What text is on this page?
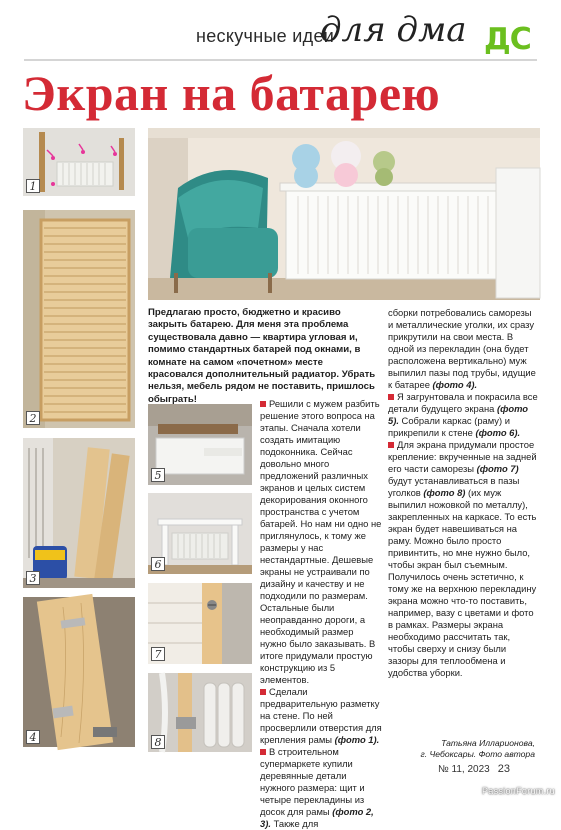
нескучные идеи
для дма ДС
Экран на батарею
1
2
3
4
5
6
7
8

Предлагаю просто, бюджетно и красиво закрыть батарею. Для меня эта проблема существовала давно — квартира угловая и, помимо стандартных батарей под окнами, в комнате на самом «почетном» месте красовался дополнительный радиатор. Убрать нельзя, мебель рядом не поставить, пришлось обыграть!	Решили с мужем разбить решение этого вопроса на этапы. Сначала хотели создать имитацию подоконника. Сейчас довольно много предложений различных экранов и целых систем декорирования оконного пространства с учетом батарей. Но нам ни одно не приглянулось, к тому же размеры у нас нестандартные. Дешевые экраны не устраивали по дизайну и качеству и не подходили по размерам. Остальные были неоправданно дороги, а необходимый размер нужно было заказывать. В итоге придумали простую конструкцию из 5 элементов.

Сделали предварительную разметку на стене. По ней просверлили отверстия для крепления рамы (фото 1).

В строительном супермаркете купили деревянные детали нужного размера: щит и четыре перекладины из досок для рамы (фото 2, 3). Также для

сборки потребовались саморезы и металлические уголки, их сразу прикрутили на свои места. В одной из перекладин (она будет расположена вертикально) муж выпилил пазы под трубы, идущие к батарее (фото 4).

Я загрунтовала и покрасила все детали будущего экрана (фото 5). Собрали каркас (раму) и прикрепили к стене (фото 6).

Для экрана придумали простое крепление: вкрученные на задней его части саморезы (фото 7) будут устанавливаться в пазы уголков (фото 8) (их муж выпилил ножовкой по металлу), закрепленных на каркасе. То есть экран будет навешиваться на раму. Можно было просто привинтить, но мне нужно было, чтобы экран был съемным. Получилось очень эстетично, к тому же на верхнюю перекладину экрана можно что-то поставить, например, вазу с цветами и фото в рамках. Размеры экрана необходимо рассчитать так, чтобы сверху и снизу были зазоры для теплообмена и удобства уборки.

Татьяна Илларионова,
г. Чебоксары. Фото автора
№ 11, 2023 23
PassionForum.ru
